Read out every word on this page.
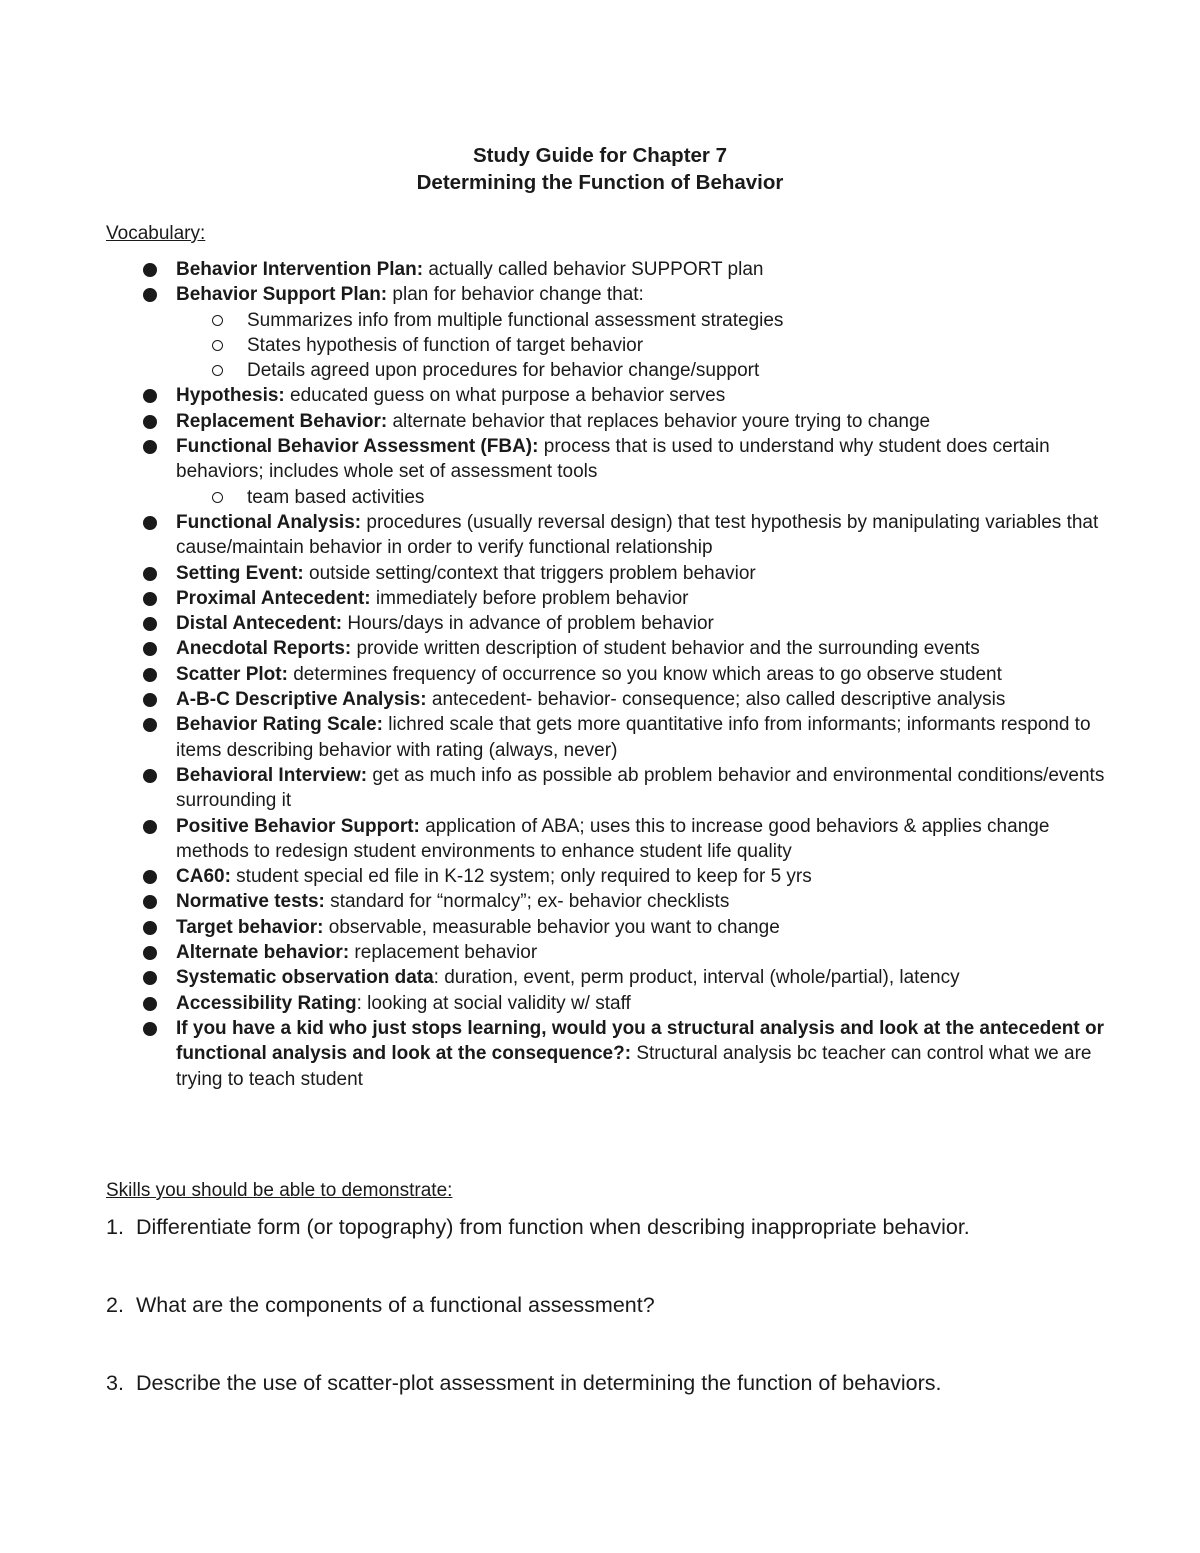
Study Guide for Chapter 7
Determining the Function of Behavior
Vocabulary:
Behavior Intervention Plan: actually called behavior SUPPORT plan
Behavior Support Plan: plan for behavior change that:
Summarizes info from multiple functional assessment strategies
States hypothesis of function of target behavior
Details agreed upon procedures for behavior change/support
Hypothesis: educated guess on what purpose a behavior serves
Replacement Behavior: alternate behavior that replaces behavior youre trying to change
Functional Behavior Assessment (FBA): process that is used to understand why student does certain behaviors; includes whole set of assessment tools
team based activities
Functional Analysis: procedures (usually reversal design) that test hypothesis by manipulating variables that cause/maintain behavior in order to verify functional relationship
Setting Event: outside setting/context that triggers problem behavior
Proximal Antecedent: immediately before problem behavior
Distal Antecedent: Hours/days in advance of problem behavior
Anecdotal Reports: provide written description of student behavior and the surrounding events
Scatter Plot: determines frequency of occurrence so you know which areas to go observe student
A-B-C Descriptive Analysis: antecedent- behavior- consequence; also called descriptive analysis
Behavior Rating Scale: lichred scale that gets more quantitative info from informants; informants respond to items describing behavior with rating (always, never)
Behavioral Interview: get as much info as possible ab problem behavior and environmental conditions/events surrounding it
Positive Behavior Support: application of ABA; uses this to increase good behaviors & applies change methods to redesign student environments to enhance student life quality
CA60: student special ed file in K-12 system; only required to keep for 5 yrs
Normative tests: standard for “normalcy”; ex- behavior checklists
Target behavior: observable, measurable behavior you want to change
Alternate behavior: replacement behavior
Systematic observation data: duration, event, perm product, interval (whole/partial), latency
Accessibility Rating: looking at social validity w/ staff
If you have a kid who just stops learning, would you a structural analysis and look at the antecedent or functional analysis and look at the consequence?: Structural analysis bc teacher can control what we are trying to teach student
Skills you should be able to demonstrate:
1. Differentiate form (or topography) from function when describing inappropriate behavior.
2. What are the components of a functional assessment?
3. Describe the use of scatter-plot assessment in determining the function of behaviors.
